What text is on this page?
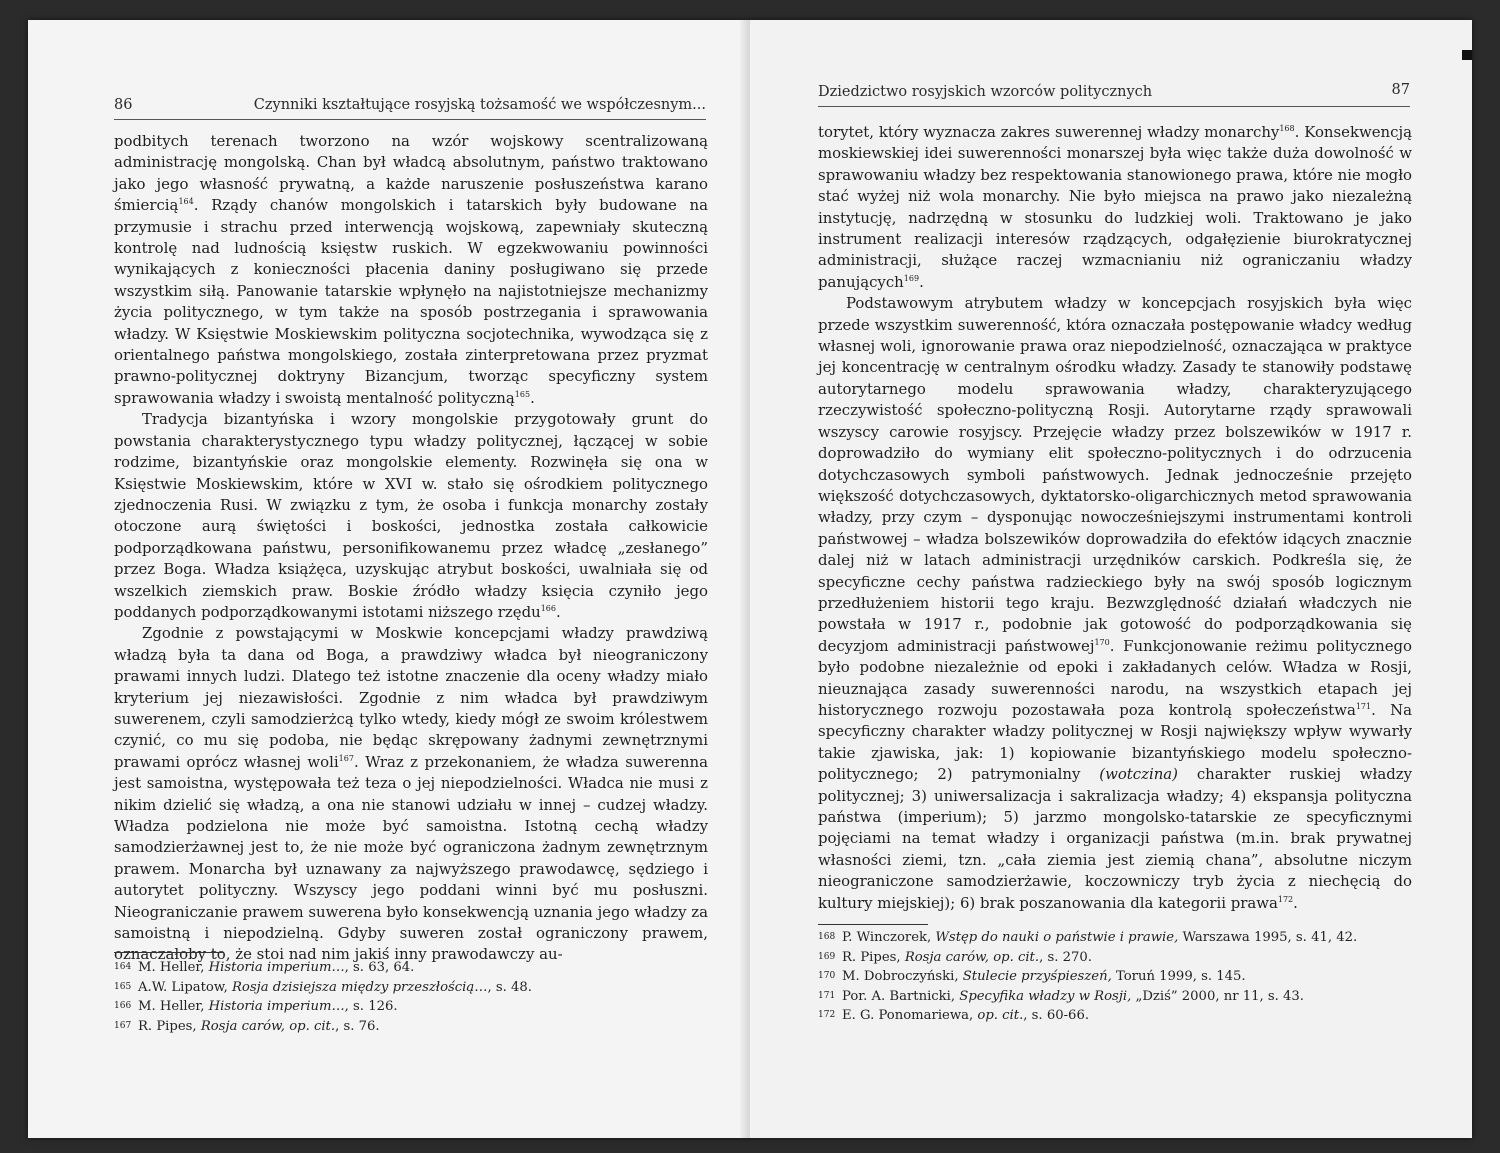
86	Czynniki kształtujące rosyjską tożsamość we współczesnym...

podbitych terenach tworzono na wzór wojskowy scentralizowaną administrację mongolską. Chan był władcą absolutnym, państwo traktowano jako jego własność prywatną, a każde naruszenie posłuszeństwa karano śmiercią$^{164}$. Rządy chanów mongolskich i tatarskich były budowane na przymusie i strachu przed interwencją wojskową, zapewniały skuteczną kontrolę nad ludnością księstw ruskich. W egzekwowaniu powinności wynikających z konieczności płacenia daniny posługiwano się przede wszystkim siłą. Panowanie tatarskie wpłynęło na najistotniejsze mechanizmy życia politycznego, w tym także na sposób postrzegania i sprawowania władzy. W Księstwie Moskiewskim polityczna socjotechnika, wywodząca się z orientalnego państwa mongolskiego, została zinterpretowana przez pryzmat prawno-politycznej doktryny Bizancjum, tworząc specyficzny system sprawowania władzy i swoistą mentalność polityczną$^{165}$.

Tradycja bizantyńska i wzory mongolskie przygotowały grunt do powstania charakterystycznego typu władzy politycznej, łączącej w sobie rodzime, bizantyńskie oraz mongolskie elementy. Rozwinęła się ona w Księstwie Moskiewskim, które w XVI w. stało się ośrodkiem politycznego zjednoczenia Rusi. W związku z tym, że osoba i funkcja monarchy zostały otoczone aurą świętości i boskości, jednostka została całkowicie podporządkowana państwu, personifikowanemu przez władcę „zesłanego” przez Boga. Władza książęca, uzyskując atrybut boskości, uwalniała się od wszelkich ziemskich praw. Boskie źródło władzy księcia czyniło jego poddanych podporządkowanymi istotami niższego rzędu$^{166}$.

Zgodnie z powstającymi w Moskwie koncepcjami władzy prawdziwą władzą była ta dana od Boga, a prawdziwy władca był nieograniczony prawami innych ludzi. Dlatego też istotne znaczenie dla oceny władzy miało kryterium jej niezawisłości. Zgodnie z nim władca był prawdziwym suwerenem, czyli samodzierżcą tylko wtedy, kiedy mógł ze swoim królestwem czynić, co mu się podoba, nie będąc skrępowany żadnymi zewnętrznymi prawami oprócz własnej woli$^{167}$. Wraz z przekonaniem, że władza suwerenna jest samoistna, występowała też teza o jej niepodzielności. Władca nie musi z nikim dzielić się władzą, a ona nie stanowi udziału w innej – cudzej władzy. Władza podzielona nie może być samoistna. Istotną cechą władzy samodzierżawnej jest to, że nie może być ograniczona żadnym zewnętrznym prawem. Monarcha był uznawany za najwyższego prawodawcę, sędziego i autorytet polityczny. Wszyscy jego poddani winni być mu posłuszni. Nieograniczanie prawem suwerena było konsekwencją uznania jego władzy za samoistną i niepodzielną. Gdyby suweren został ograniczony prawem, oznaczałoby to, że stoi nad nim jakiś inny prawodawczy au-

164 M. Heller, Historia imperium…, s. 63, 64.
165 A.W. Lipatow, Rosja dzisiejsza między przeszłością…, s. 48.
166 M. Heller, Historia imperium…, s. 126.
167 R. Pipes, Rosja carów, op. cit., s. 76.
Dziedzictwo rosyjskich wzorców politycznych	87

torytet, który wyznacza zakres suwerennej władzy monarchy$^{168}$. Konsekwencją moskiewskiej idei suwerenności monarszej była więc także duża dowolność w sprawowaniu władzy bez respektowania stanowionego prawa, które nie mogło stać wyżej niż wola monarchy. Nie było miejsca na prawo jako niezależną instytucję, nadrzędną w stosunku do ludzkiej woli. Traktowano je jako instrument realizacji interesów rządzących, odgałęzienie biurokratycznej administracji, służące raczej wzmacnianiu niż ograniczaniu władzy panujących$^{169}$.

Podstawowym atrybutem władzy w koncepcjach rosyjskich była więc przede wszystkim suwerenność, która oznaczała postępowanie władcy według własnej woli, ignorowanie prawa oraz niepodzielność, oznaczająca w praktyce jej koncentrację w centralnym ośrodku władzy. Zasady te stanowiły podstawę autorytarnego modelu sprawowania władzy, charakteryzującego rzeczywistość społeczno-polityczną Rosji. Autorytarne rządy sprawowali wszyscy carowie rosyjscy. Przejęcie władzy przez bolszewików w 1917 r. doprowadziło do wymiany elit społeczno-politycznych i do odrzucenia dotychczasowych symboli państwowych. Jednak jednocześnie przejęto większość dotychczasowych, dyktatorsko-oligarchicznych metod sprawowania władzy, przy czym – dysponując nowocześniejszymi instrumentami kontroli państwowej – władza bolszewików doprowadziła do efektów idących znacznie dalej niż w latach administracji urzędników carskich. Podkreśla się, że specyficzne cechy państwa radzieckiego były na swój sposób logicznym przedłużeniem historii tego kraju. Bezwzględność działań władczych nie powstała w 1917 r., podobnie jak gotowość do podporządkowania się decyzjom administracji państwowej$^{170}$. Funkcjonowanie reżimu politycznego było podobne niezależnie od epoki i zakładanych celów. Władza w Rosji, nieuznająca zasady suwerenności narodu, na wszystkich etapach jej historycznego rozwoju pozostawała poza kontrolą społeczeństwa$^{171}$. Na specyficzny charakter władzy politycznej w Rosji największy wpływ wywarły takie zjawiska, jak: 1) kopiowanie bizantyńskiego modelu społeczno-politycznego; 2) patrymonialny (wotczina) charakter ruskiej władzy politycznej; 3) uniwersalizacja i sakralizacja władzy; 4) ekspansja polityczna państwa (imperium); 5) jarzmo mongolsko-tatarskie ze specyficznymi pojęciami na temat władzy i organizacji państwa (m.in. brak prywatnej własności ziemi, tzn. „cała ziemia jest ziemią chana”, absolutne niczym nieograniczone samodzierżawie, koczowniczy tryb życia z niechęcią do kultury miejskiej); 6) brak poszanowania dla kategorii prawa$^{172}$.

168 P. Winczorek, Wstęp do nauki o państwie i prawie, Warszawa 1995, s. 41, 42.
169 R. Pipes, Rosja carów, op. cit., s. 270.
170 M. Dobroczyński, Stulecie przyśpieszeń, Toruń 1999, s. 145.
171 Por. A. Bartnicki, Specyfika władzy w Rosji, „Dziś” 2000, nr 11, s. 43.
172 E. G. Ponomariewa, op. cit., s. 60-66.
